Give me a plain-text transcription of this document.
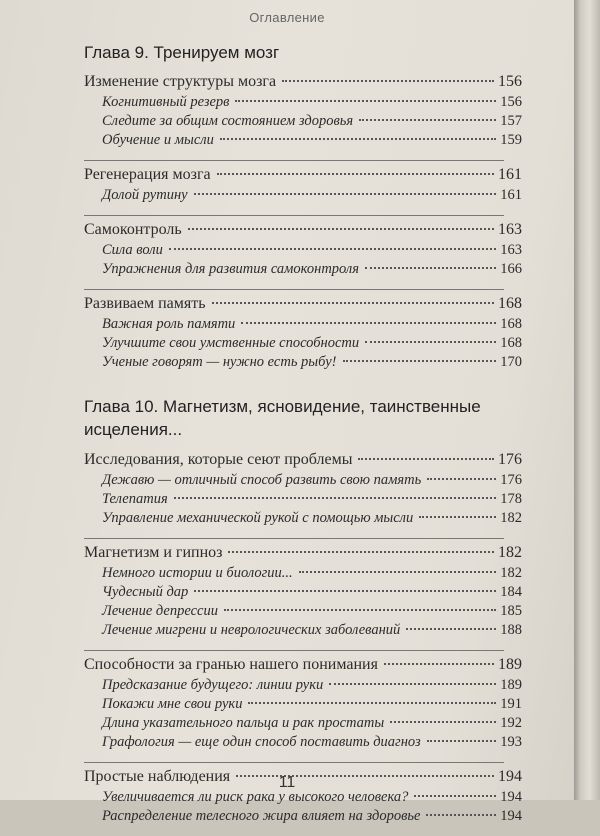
Оглавление
Глава 9. Тренируем мозг
Изменение структуры мозга	156
Когнитивный резерв	156
Следите за общим состоянием здоровья	157
Обучение и мысли	159
Регенерация мозга	161
Долой рутину	161
Самоконтроль	163
Сила воли	163
Упражнения для развития самоконтроля	166
Развиваем память	168
Важная роль памяти	168
Улучшите свои умственные способности	168
Ученые говорят — нужно есть рыбу!	170
Глава 10. Магнетизм, ясновидение, таинственные исцеления...
Исследования, которые сеют проблемы	176
Дежавю — отличный способ развить свою память	176
Телепатия	178
Управление механической рукой с помощью мысли	182
Магнетизм и гипноз	182
Немного истории и биологии...	182
Чудесный дар	184
Лечение депрессии	185
Лечение мигрени и неврологических заболеваний	188
Способности за гранью нашего понимания	189
Предсказание будущего: линии руки	189
Покажи мне свои руки	191
Длина указательного пальца и рак простаты	192
Графология — еще один способ поставить диагноз	193
Простые наблюдения	194
Увеличивается ли риск рака у высокого человека?	194
Распределение телесного жира влияет на здоровье	194
11
